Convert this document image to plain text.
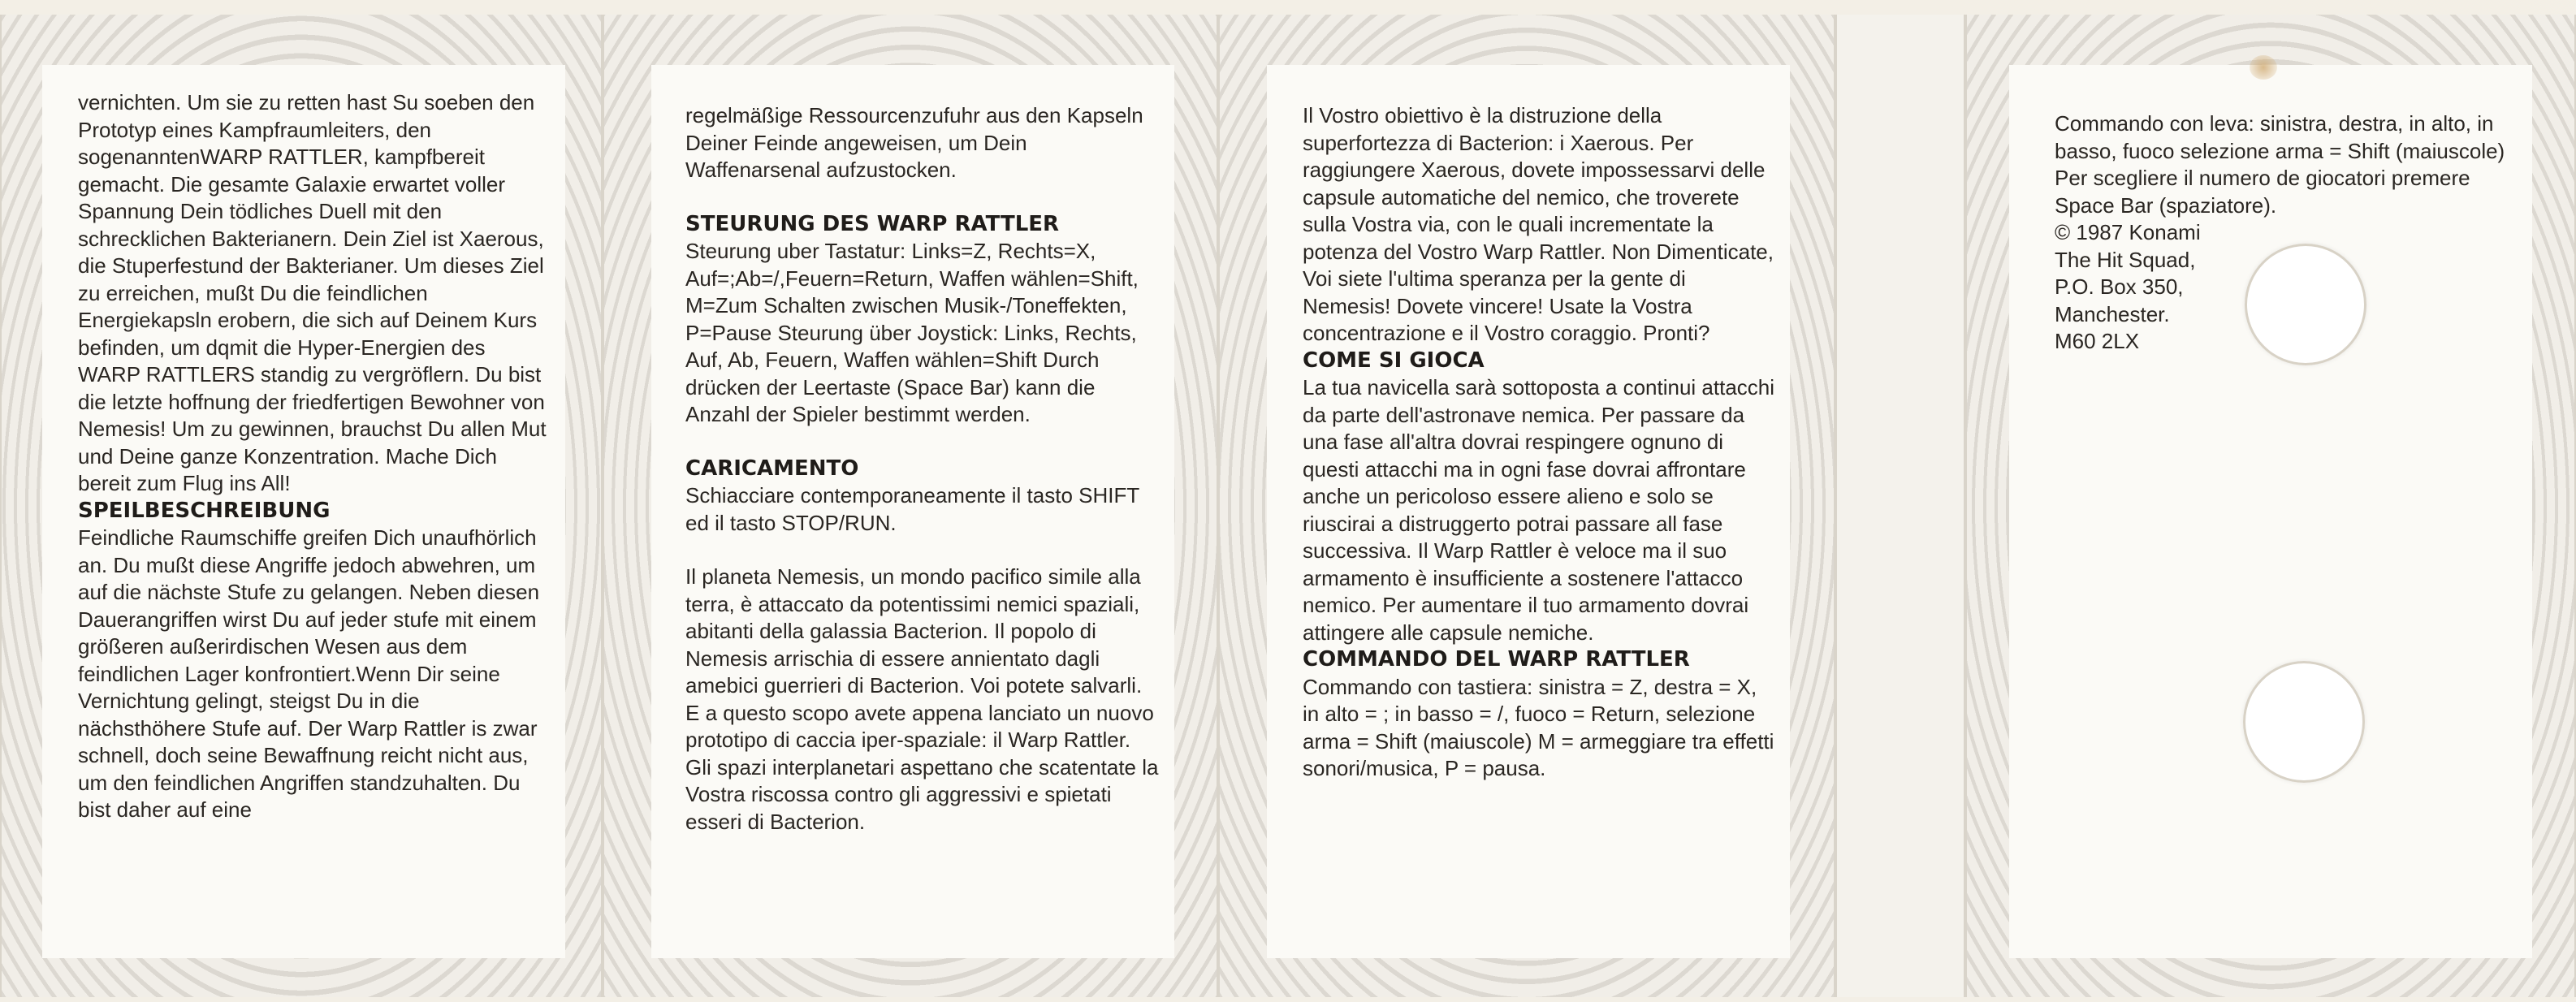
vernichten. Um sie zu retten hast Su soeben den Prototyp eines Kampfraumleiters, den sogenanntenWARP RATTLER, kampfbereit gemacht. Die gesamte Galaxie erwartet voller Spannung Dein tödliches Duell mit den schrecklichen Bakterianern. Dein Ziel ist Xaerous, die Stuperfestund der Bakterianer. Um dieses Ziel zu erreichen, mußt Du die feindlichen Energiekapsln erobern, die sich auf Deinem Kurs befinden, um dqmit die Hyper-Energien des WARP RATTLERS standig zu vergröflern. Du bist die letzte hoffnung der friedfertigen Bewohner von Nemesis! Um zu gewinnen, brauchst Du allen Mut und Deine ganze Konzentration. Mache Dich bereit zum Flug ins All!

SPEILBESCHREIBUNG

Feindliche Raumschiffe greifen Dich unaufhörlich an. Du mußt diese Angriffe jedoch abwehren, um auf die nächste Stufe zu gelangen. Neben diesen Dauerangriffen wirst Du auf jeder stufe mit einem größeren außerirdischen Wesen aus dem feindlichen Lager konfrontiert.Wenn Dir seine Vernichtung gelingt, steigst Du in die nächsthöhere Stufe auf. Der Warp Rattler is zwar schnell, doch seine Bewaffnung reicht nicht aus, um den feindlichen Angriffen standzuhalten. Du bist daher auf eine

regelmäßige Ressourcenzufuhr aus den Kapseln Deiner Feinde angeweisen, um Dein Waffenarsenal aufzustocken.

STEURUNG DES WARP RATTLER

Steurung uber Tastatur: Links=Z, Rechts=X, Auf=;Ab=/,Feuern=Return, Waffen wählen=Shift, M=Zum Schalten zwischen Musik-/Toneffekten, P=Pause Steurung über Joystick: Links, Rechts, Auf, Ab, Feuern, Waffen wählen=Shift Durch drücken der Leertaste (Space Bar) kann die Anzahl der Spieler bestimmt werden.

CARICAMENTO

Schiacciare contemporaneamente il tasto SHIFT ed il tasto STOP/RUN.

Il planeta Nemesis, un mondo pacifico simile alla terra, è attaccato da potentissimi nemici spaziali, abitanti della galassia Bacterion. Il popolo di Nemesis arrischia di essere annientato dagli amebici guerrieri di Bacterion. Voi potete salvarli. E a questo scopo avete appena lanciato un nuovo prototipo di caccia iper-spaziale: il Warp Rattler. Gli spazi interplanetari aspettano che scatentate la Vostra riscossa contro gli aggressivi e spietati esseri di Bacterion.

Il Vostro obiettivo è la distruzione della superfortezza di Bacterion: i Xaerous. Per raggiungere Xaerous, dovete impossessarvi delle capsule automatiche del nemico, che troverete sulla Vostra via, con le quali incrementate la potenza del Vostro Warp Rattler. Non Dimenticate, Voi siete l'ultima speranza per la gente di Nemesis! Dovete vincere! Usate la Vostra concentrazione e il Vostro coraggio. Pronti?

COME SI GIOCA

La tua navicella sarà sottoposta a continui attacchi da parte dell'astronave nemica. Per passare da una fase all'altra dovrai respingere ognuno di questi attacchi ma in ogni fase dovrai affrontare anche un pericoloso essere alieno e solo se riuscirai a distruggerto potrai passare all fase successiva. Il Warp Rattler è veloce ma il suo armamento è insufficiente a sostenere l'attacco nemico. Per aumentare il tuo armamento dovrai attingere alle capsule nemiche.

COMMANDO DEL WARP RATTLER

Commando con tastiera: sinistra = Z, destra = X, in alto = ; in basso = /, fuoco = Return, selezione arma = Shift (maiuscole) M = armeggiare tra effetti sonori/musica, P = pausa.

Commando con leva: sinistra, destra, in alto, in basso, fuoco selezione arma = Shift (maiuscole) Per scegliere il numero de giocatori premere Space Bar (spaziatore).

© 1987 Konami

The Hit Squad,

P.O. Box 350,

Manchester.

M60 2LX
